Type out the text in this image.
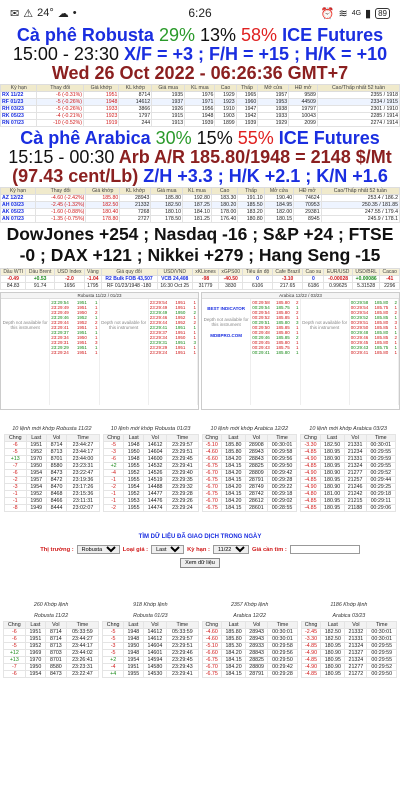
✉ ⚠ 24° ☁ •	6:26	⏰ ≋ 4G ▮ 89
Cà phê Robusta 29% 13% 58% ICE Futures 15:00 - 23:30 X/F = +3 ; F/H = +15 ; H/K = +10 Wed 26 Oct 2022 - 06:26:36 GMT+7
Kỳ hạn	Thay đổi	Giá khớp	KL khớp	Giá mua	KL mua	Cao	Thấp	Mở cửa	HĐ mở	Cao/Thấp nhất 52 tuần
RX 11/22	-6 (-0.31%)	1951	8714	1935	1976	1929	1965	1957	9589	2355 / 1918
RF 01/23	-5 (-0.26%)	1948	14612	1937	1971	1923	1960	1953	44509	2334 / 1915
RH 03/23	-5 (-0.26%)	1933	3866	1926	1956	1910	1947	1938	19797	2301 / 1910
RK 05/23	-4 (-0.21%)	1923	1797	1915	1948	1903	1942	1933	10043	2285 / 1914
RN 07/23	-10 (-0.52%)	1919	244	1913	1939	1899	1939	1929	2099	2274 / 1914
Cà phê Arabica 30% 15% 55% ICE Futures 15:15 - 00:30 Arb A/R 185.80/1948 = 2148 $/Mt (97.43 cent/Lb) Z/H +3.3 ; H/K +2.1 ; K/N +1.6
Kỳ hạn	Thay đổi	Giá khớp	KL khớp	Giá mua	KL mua	Cao	Thấp	Mở cửa	HĐ mở	Cao/Thấp nhất 52 tuần
AZ 12/22	-4.60 (-2.42%)	185.80	28943	185.80	192.80	183.30	191.10	190.40	74624	253.4 / 186.2
AH 03/23	-2.45 (-1.32%)	182.50	21332	182.50	187.25	180.20	185.50	184.95	70953	250.35 / 181.85
AK 05/23	-1.60 (-0.88%)	180.40	7268	180.10	184.10	178.00	183.20	182.00	29381	247.55 / 179.4
AN 07/23	-1.35 (-0.75%)	178.80	2727	178.50	181.25	176.40	180.80	180.15	8945	245.9 / 178.1
DowJones +254 ; Nasdaq -16 ; S&P +24 ; FTSE -0 ; DAX +121 ; Nikkei +279 ; Hang Seng -15
Dầu WTI	Dầu Brent	USD Index	Vàng	Giá quy đổi	USD/VND	xKLiones	xGPS00	Tiêu ấn độ	Cafe Brazil	Cao su	EUR/USD	USD/BRL	Cacao
-0.49	+0.53	-2.0	-1.04	R2 Bulk FOB 43,507	VCB 24,408	-98	-40.50	0	-3.10	0	-0.00028	+0.00086	-41
84.83	91.74	1656	1795	RF 01/23/1948 -180	16:30 Oct 25	31779	3830	6106	217.65	6186	0.99625	5.31528	2296
Robusta 11/22 / 01/23
Depth not available for this instrument
23:29:54 1951 1
23:29:49 1951 1
23:29:49 1950 2
23:29:46 1952 1
23:29:44 1952 2
23:29:41 1951 1
23:29:37 1951 1
23:29:34 1950 1
23:29:31 1951 3
23:29:29 1951 1
23:29:24 1951 1
Depth not available for this instrument
23:29:54 1951 1
23:29:49 1951 1
23:29:49 1950 2
23:29:46 1952 1
23:29:44 1952 2
23:29:41 1951 1
23:29:37 1951 1
23:29:34 1950 1
23:29:31 1951 3
23:29:29 1951 1
23:29:24 1951 1
Arabica 12/22 / 03/23
BEST INDICATOR
Depth not available for this instrument
MDBPRO.COM
00:29:58 185.80 2
00:29:54 185.75 1
00:29:54 185.80 2
00:29:52 185.85 1
00:29:51 185.80 3
00:29:50 185.85 1
00:29:48 185.80 1
00:29:46 185.85 2
00:29:45 185.80 1
00:29:43 185.75 1
00:29:41 185.80 1
Depth not available for this instrument
00:29:58 185.80 2
00:29:54 185.75 1
00:29:54 185.80 2
00:29:52 185.85 1
00:29:51 185.80 3
00:29:50 185.85 1
00:29:48 185.80 1
00:29:46 185.85 2
00:29:45 185.80 1
00:29:43 185.75 1
00:29:41 185.80 1
10 lệnh mới khớp Robusta 11/22
Chng	Last	Vol	Time
-6	1951	8714	23:44:27
-5	1952	8713	23:44:17
+13	1970	8701	23:44:00
-7	1950	8580	23:23:31
-6	1954	8473	23:22:47
-2	1957	8472	23:19:36
-3	1954	8470	23:17:26
-1	1952	8468	23:15:36
-1	1950	8466	23:11:31
-8	1949	8444	23:02:07
10 lệnh mới khớp Robusta 01/23
Chng	Last	Vol	Time
-5	1948	14612	23:29:57
-3	1950	14604	23:29:51
-6	1948	14600	23:29:45
+2	1955	14532	23:29:41
-4	1952	14526	23:29:40
-1	1955	14519	23:29:35
-2	1954	14488	23:29:32
-1	1952	14477	23:29:28
-1	1953	14476	23:29:26
-2	1955	14474	23:29:24
10 lệnh mới khớp Arabica 12/22
Chng	Last	Vol	Time
-5.10	185.80	28908	00:30:01
-4.60	185.80	28943	00:29:58
-6.60	184.20	28843	00:29:56
-6.75	184.15	28825	00:29:50
-6.70	184.20	28809	00:29:42
-6.75	184.15	28791	00:29:28
-6.70	184.20	28749	00:29:22
-6.75	184.15	28742	00:29:18
-6.70	184.20	28612	00:29:02
-6.75	184.15	28601	00:28:55
10 lệnh mới khớp Arabica 03/23
Chng	Last	Vol	Time
-3.30	182.50	21331	00:30:01
-4.85	180.95	21234	00:29:55
-4.90	180.90	21331	00:29:59
-4.85	180.95	21324	00:29:55
-4.90	180.90	21277	00:29:52
-4.85	180.95	21257	00:29:44
-4.90	180.90	21246	00:29:25
-4.80	181.00	21242	00:29:18
-4.85	180.95	21215	00:29:11
-4.85	180.95	21188	00:29:06
TÌM DỮ LIỆU ĐÃ GIAO DỊCH TRONG NGÀY
Thị trường :
Robusta	Loại giá :
Last	Kỳ hạn :
11/22	Giá cần tìm :
Xem dữ liệu
260 Khớp lệnh
Robusta 11/22
Chng	Last	Vol	Time
-6	1951	8714	05:33:59
-6	1951	8714	23:44:27
-5	1952	8713	23:44:17
+12	1969	8703	23:44:02
+13	1970	8701	23:26:41
-7	1950	8580	23:23:31
-6	1954	8473	23:22:47
918 Khớp lệnh
Robusta 01/23
Chng	Last	Vol	Time
-5	1948	14612	05:33:59
-5	1948	14612	23:29:57
-3	1950	14604	23:29:51
-5	1948	14601	23:29:46
+2	1954	14594	23:29:45
-4	1951	14580	23:29:43
+4	1955	14530	23:29:41
2357 Khớp lệnh
Arabica 12/22
Chng	Last	Vol	Time
-4.60	185.80	28943	00:30:01
-4.60	185.80	28943	00:30:01
-5.10	185.30	28933	00:29:58
-6.60	184.20	28843	00:29:56
-6.75	184.15	28825	00:29:50
-6.70	184.20	28809	00:29:42
-6.75	184.15	28791	00:29:28
1186 Khớp lệnh
Arabica 03/23
Chng	Last	Vol	Time
-2.45	182.50	21332	00:30:01
-3.30	182.50	21331	00:30:01
-4.85	180.95	21324	00:29:55
-4.90	180.90	21327	00:29:59
-4.85	180.95	21324	00:29:55
-4.90	180.90	21277	00:29:52
-4.85	180.95	21272	00:29:50
